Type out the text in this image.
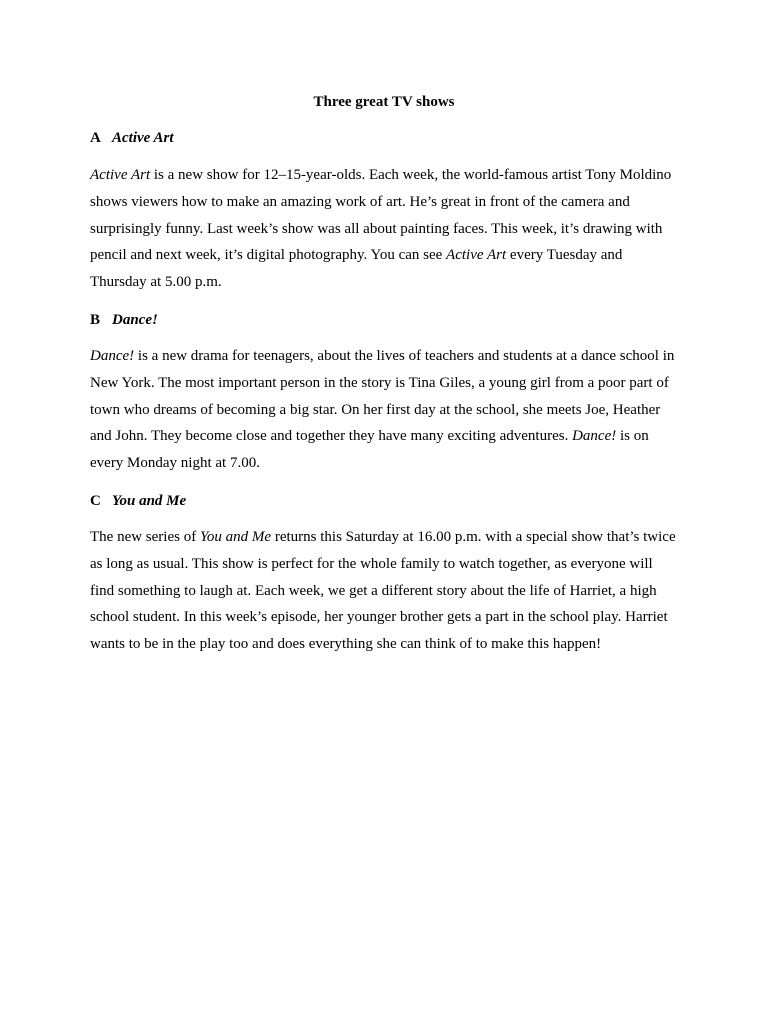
Three great TV shows
A Active Art

Active Art is a new show for 12–15-year-olds. Each week, the world-famous artist Tony Moldino shows viewers how to make an amazing work of art. He’s great in front of the camera and surprisingly funny. Last week’s show was all about painting faces. This week, it’s drawing with pencil and next week, it’s digital photography. You can see Active Art every Tuesday and Thursday at 5.00 p.m.

B Dance!

Dance! is a new drama for teenagers, about the lives of teachers and students at a dance school in New York. The most important person in the story is Tina Giles, a young girl from a poor part of town who dreams of becoming a big star. On her first day at the school, she meets Joe, Heather and John. They become close and together they have many exciting adventures. Dance! is on every Monday night at 7.00.

C You and Me

The new series of You and Me returns this Saturday at 16.00 p.m. with a special show that’s twice as long as usual. This show is perfect for the whole family to watch together, as everyone will find something to laugh at. Each week, we get a different story about the life of Harriet, a high school student. In this week’s episode, her younger brother gets a part in the school play. Harriet wants to be in the play too and does everything she can think of to make this happen!
